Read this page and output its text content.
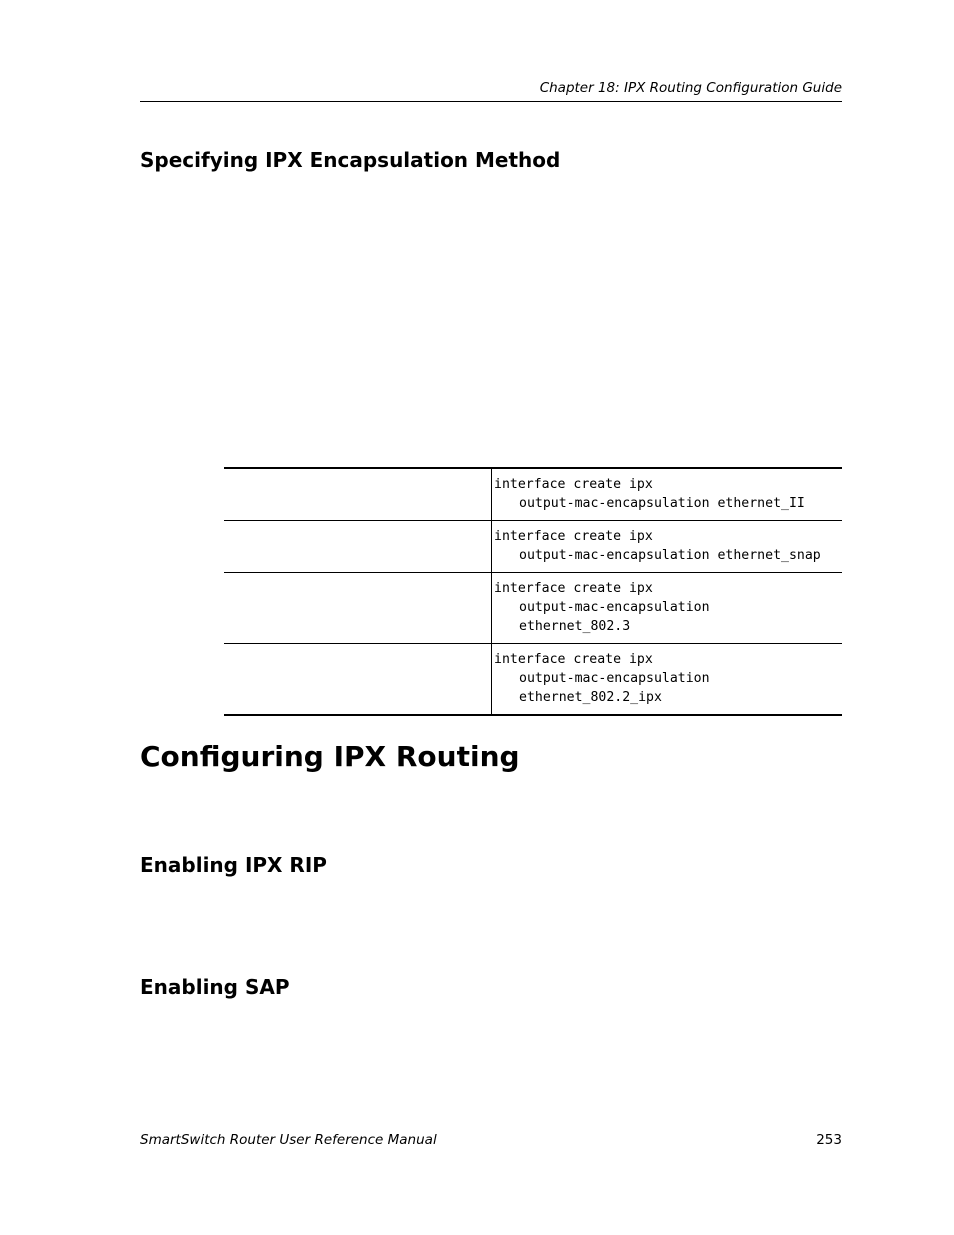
Chapter 18: IPX Routing Configuration Guide
Specifying IPX Encapsulation Method

	interface create ipx
output-mac-encapsulation ethernet_II

	interface create ipx
output-mac-encapsulation ethernet_snap

	interface create ipx
output-mac-encapsulation
ethernet_802.3

	interface create ipx
output-mac-encapsulation
ethernet_802.2_ipx
Configuring IPX Routing
Enabling IPX RIP
Enabling SAP
SmartSwitch Router User Reference Manual	253
